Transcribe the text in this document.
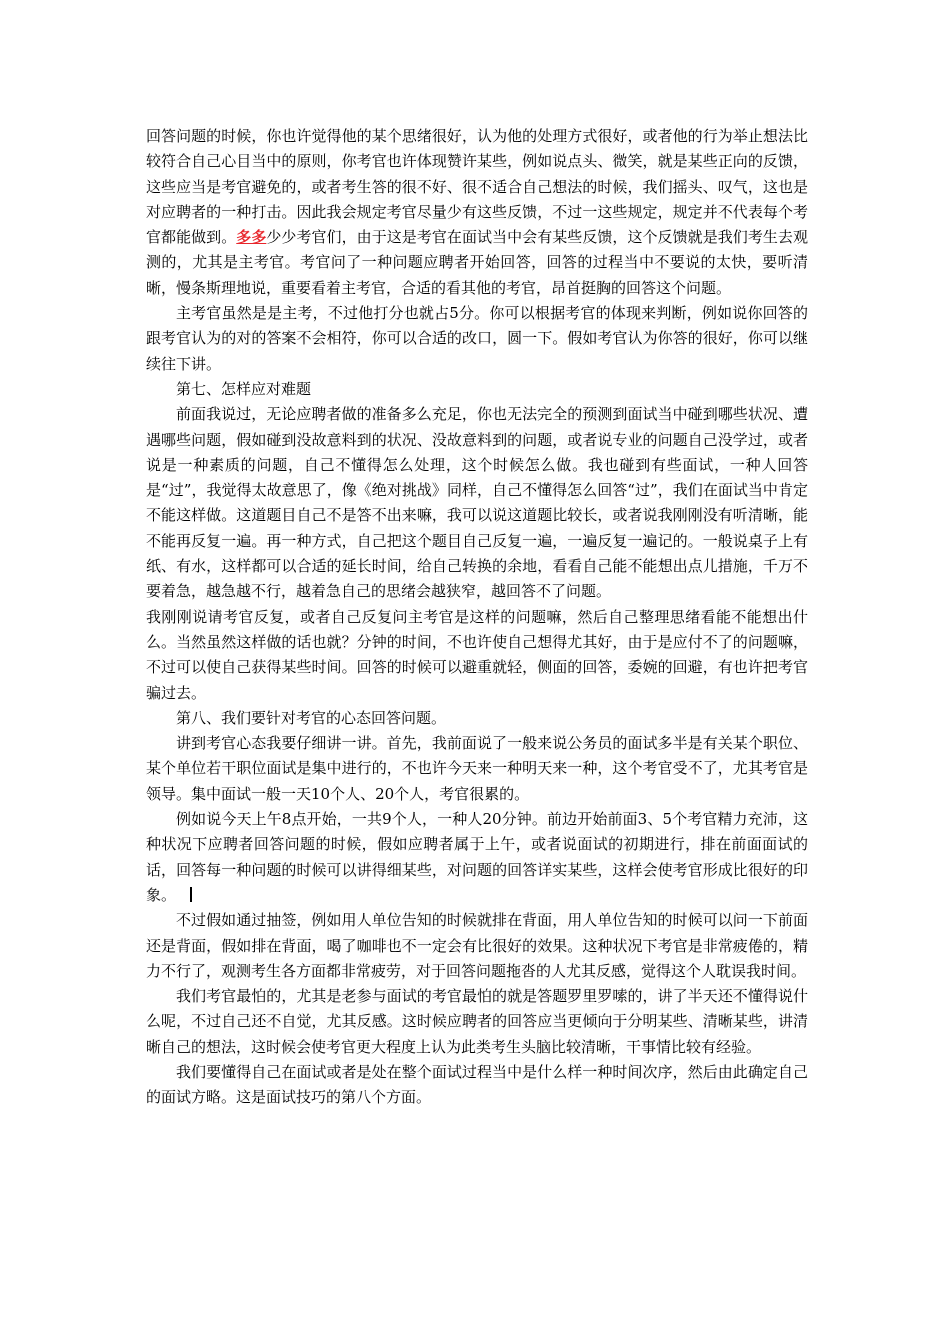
回答问题的时候，你也许觉得他的某个思绪很好，认为他的处理方式很好，或者他的行为举止想法比较符合自己心目当中的原则，你考官也许体现赞许某些，例如说点头、微笑，就是某些正向的反馈，这些应当是考官避免的，或者考生答的很不好、很不适合自己想法的时候，我们摇头、叹气，这也是对应聘者的一种打击。因此我会规定考官尽量少有这些反馈，不过一这些规定，规定并不代表每个考官都能做到。多多少少考官们，由于这是考官在面试当中会有某些反馈，这个反馈就是我们考生去观测的，尤其是主考官。考官问了一种问题应聘者开始回答，回答的过程当中不要说的太快，要听清晰，慢条斯理地说，重要看着主考官，合适的看其他的考官，昂首挺胸的回答这个问题。

主考官虽然是是主考，不过他打分也就占5分。你可以根据考官的体现来判断，例如说你回答的跟考官认为的对的答案不会相符，你可以合适的改口，圆一下。假如考官认为你答的很好，你可以继续往下讲。

第七、怎样应对难题

前面我说过，无论应聘者做的准备多么充足，你也无法完全的预测到面试当中碰到哪些状况、遭遇哪些问题，假如碰到没故意料到的状况、没故意料到的问题，或者说专业的问题自己没学过，或者说是一种素质的问题，自己不懂得怎么处理，这个时候怎么做。我也碰到有些面试，一种人回答是“过”，我觉得太故意思了，像《绝对挑战》同样，自己不懂得怎么回答“过”，我们在面试当中肯定不能这样做。这道题目自己不是答不出来嘛，我可以说这道题比较长，或者说我刚刚没有听清晰，能不能再反复一遍。再一种方式，自己把这个题目自己反复一遍，一遍反复一遍记的。一般说桌子上有纸、有水，这样都可以合适的延长时间，给自己转换的余地，看看自己能不能想出点儿措施，千万不要着急，越急越不行，越着急自己的思绪会越狭窄，越回答不了问题。

我刚刚说请考官反复，或者自己反复问主考官是这样的问题嘛，然后自己整理思绪看能不能想出什么。当然虽然这样做的话也就？分钟的时间，不也许使自己想得尤其好，由于是应付不了的问题嘛，不过可以使自己获得某些时间。回答的时候可以避重就轻，侧面的回答，委婉的回避，有也许把考官骗过去。

第八、我们要针对考官的心态回答问题。

讲到考官心态我要仔细讲一讲。首先，我前面说了一般来说公务员的面试多半是有关某个职位、某个单位若干职位面试是集中进行的，不也许今天来一种明天来一种，这个考官受不了，尤其考官是领导。集中面试一般一天10个人、20个人，考官很累的。

例如说今天上午8点开始，一共9个人，一种人20分钟。前边开始前面3、5个考官精力充沛，这种状况下应聘者回答问题的时候，假如应聘者属于上午，或者说面试的初期进行，排在前面面试的话，回答每一种问题的时候可以讲得细某些，对问题的回答详实某些，这样会使考官形成比很好的印象。

不过假如通过抽签，例如用人单位告知的时候就排在背面，用人单位告知的时候可以问一下前面还是背面，假如排在背面，喝了咖啡也不一定会有比很好的效果。这种状况下考官是非常疲倦的，精力不行了，观测考生各方面都非常疲劳，对于回答问题拖沓的人尤其反感，觉得这个人耽误我时间。

我们考官最怕的，尤其是老参与面试的考官最怕的就是答题罗里罗嗦的，讲了半天还不懂得说什么呢，不过自己还不自觉，尤其反感。这时候应聘者的回答应当更倾向于分明某些、清晰某些，讲清晰自己的想法，这时候会使考官更大程度上认为此类考生头脑比较清晰，干事情比较有经验。

我们要懂得自己在面试或者是处在整个面试过程当中是什么样一种时间次序，然后由此确定自己的面试方略。这是面试技巧的第八个方面。
